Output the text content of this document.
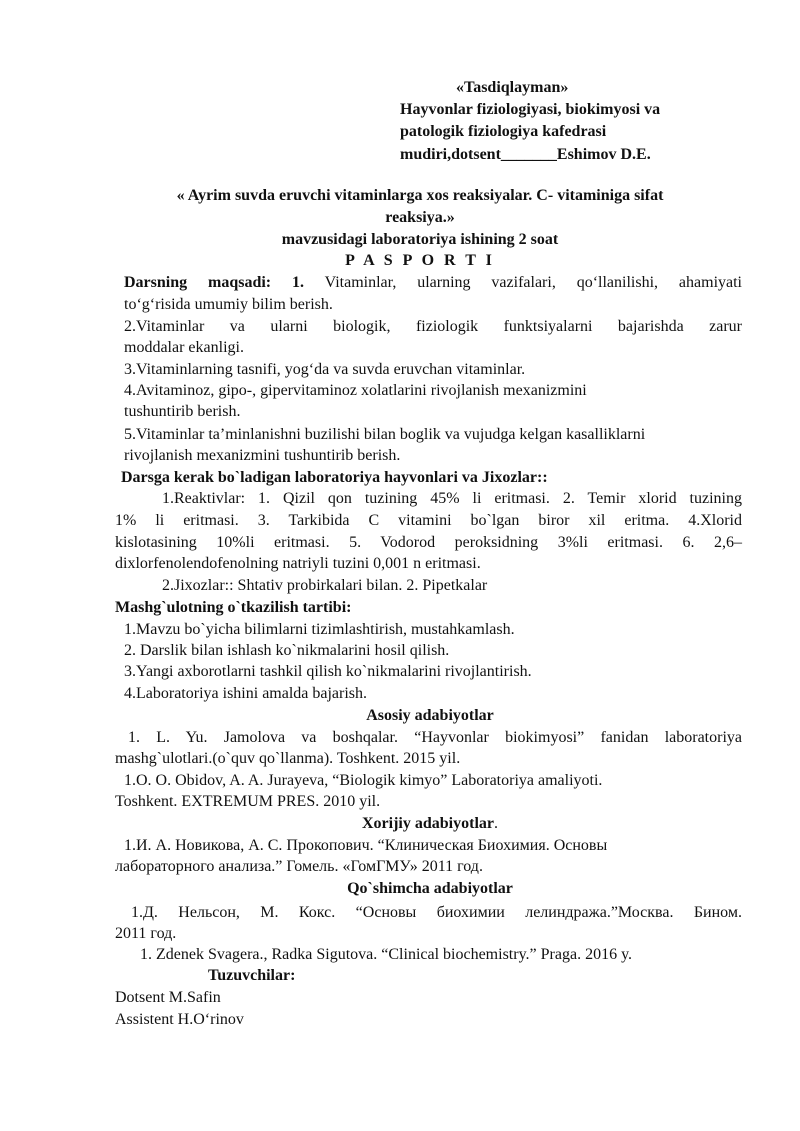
«Tasdiqlayman»
Hayvonlar fiziologiyasi, biokimyosi va
patologik fiziologiya kafedrasi
mudiri,dotsent_______Eshimov D.E.
« Ayrim suvda eruvchi vitaminlarga xos reaksiyalar. C- vitaminiga sifat
reaksiya.»
mavzusidagi laboratoriya ishining 2 soat
P A S P O R T I
Darsning maqsadi: 1. Vitaminlar, ularning vazifalari, qo‘llanilishi, ahamiyati
to‘g‘risida umumiy bilim berish.
2.Vitaminlar va ularni biologik, fiziologik funktsiyalarni bajarishda zarur
moddalar ekanligi.
3.Vitaminlarning tasnifi, yog‘da va suvda eruvchan vitaminlar.
4.Avitaminoz, gipo-, gipervitaminoz xolatlarini rivojlanish mexanizmini
tushuntirib berish.
5.Vitaminlar ta’minlanishni buzilishi bilan boglik va vujudga kelgan kasalliklarni
rivojlanish mexanizmini tushuntirib berish.
Darsga kerak bo`ladigan laboratoriya hayvonlari va Jixozlar::
1.Reaktivlar: 1. Qizil qon tuzining 45% li eritmasi. 2. Temir xlorid tuzining
1% li eritmasi. 3. Tarkibida C vitamini bo`lgan biror xil eritma. 4.Xlorid
kislotasining 10%li eritmasi. 5. Vodorod peroksidning 3%li eritmasi. 6. 2,6–
dixlorfenolendofenolning natriyli tuzini 0,001 n eritmasi.
2.Jixozlar:: Shtativ probirkalari bilan. 2. Pipetkalar
Mashg`ulotning o`tkazilish tartibi:
1.Mavzu bo`yicha bilimlarni tizimlashtirish, mustahkamlash.
2. Darslik bilan ishlash ko`nikmalarini hosil qilish.
3.Yangi axborotlarni tashkil qilish ko`nikmalarini rivojlantirish.
4.Laboratoriya ishini amalda bajarish.
Asosiy adabiyotlar
1. L. Yu. Jamolova va boshqalar. “Hayvonlar biokimyosi” fanidan laboratoriya
mashg`ulotlari.(o`quv qo`llanma). Toshkent. 2015 yil.
1.O. O. Obidov, A. A. Jurayeva, “Biologik kimyo” Laboratoriya amaliyoti.
Toshkent. EXTREMUM PRES. 2010 yil.
Xorijiy adabiyotlar.
1.И. А. Новикова, А. С. Прокопович. “Клиническая Биохимия. Основы
лабораторного анализа.” Гомель. «ГомГМУ» 2011 год.
Qo`shimcha adabiyotlar
1.Д. Нельсон, М. Кокс. “Основы биохимии лелиндража.”Москва. Бином.
2011 год.
1. Zdenek Svagera., Radka Sigutova. “Clinical biochemistry.” Praga. 2016 y.
Tuzuvchilar:
Dotsent M.Safin
Assistent H.O‘rinov
